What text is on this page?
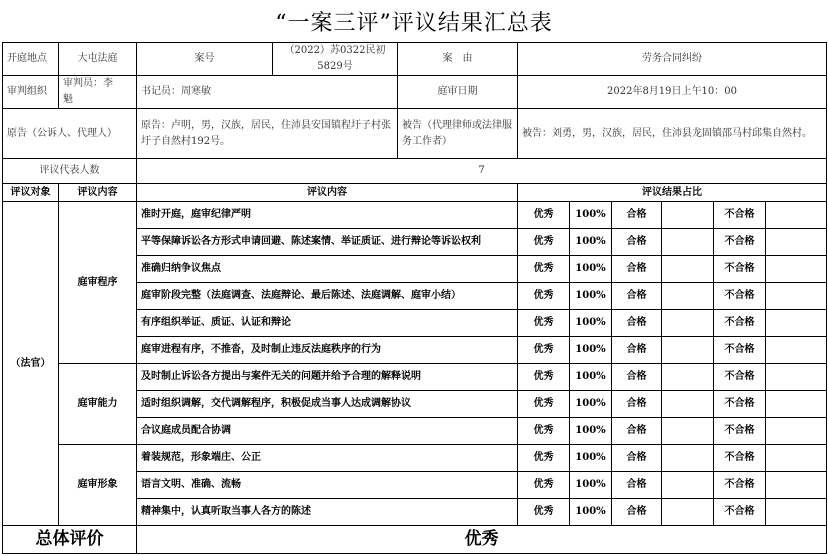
“一案三评”评议结果汇总表
开庭地点	大屯法庭	案号	（2022）苏0322民初5829号	案　由	劳务合同纠纷					
审判组织	审判员：李　魁	书记员：周寒敏		庭审日期	2022年8月19日上午10：00					
原告（公诉人、代理人）		原告：卢明，男，汉族，居民，住沛县安国镇程圩子村张圩子自然村192号。		被告（代理律师或法律服务工作者）	被告：刘勇，男，汉族，居民，住沛县龙固镇邵马村邱集自然村。					
评议代表人数		7								
评议对象	评议内容	评议内容			评议结果占比					
（法官）	庭审程序	准时开庭，庭审纪律严明			优秀	100%	合格		不合格	
		平等保障诉讼各方形式申请回避、陈述案情、举证质证、进行辩论等诉讼权利			优秀	100%	合格		不合格	
		准确归纳争议焦点			优秀	100%	合格		不合格	
		庭审阶段完整（法庭调查、法庭辩论、最后陈述、法庭调解、庭审小结）			优秀	100%	合格		不合格	
		有序组织举证、质证、认证和辩论			优秀	100%	合格		不合格	
		庭审进程有序，不推沓，及时制止违反法庭秩序的行为			优秀	100%	合格		不合格	
	庭审能力	及时制止诉讼各方提出与案件无关的问题并给予合理的解释说明			优秀	100%	合格		不合格	
		适时组织调解，交代调解程序，积极促成当事人达成调解协议			优秀	100%	合格		不合格	
		合议庭成员配合协调			优秀	100%	合格		不合格	
	庭审形象	着装规范，形象端庄、公正			优秀	100%	合格		不合格	
		语言文明、准确、流畅			优秀	100%	合格		不合格	
		精神集中，认真听取当事人各方的陈述			优秀	100%	合格		不合格	
总体评价		优秀								
